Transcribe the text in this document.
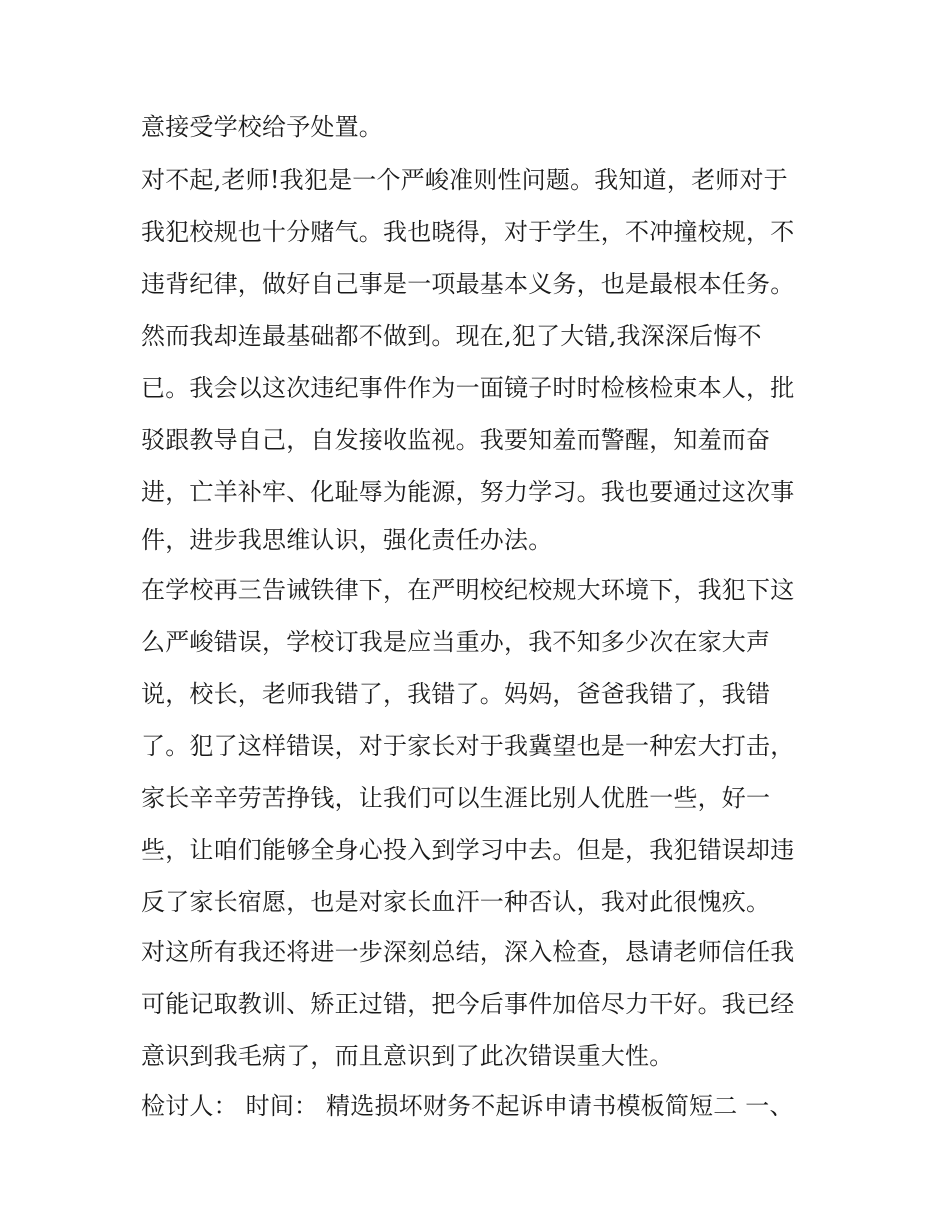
意接受学校给予处置。
对不起,老师!我犯是一个严峻准则性问题。我知道，老师对于
我犯校规也十分赌气。我也晓得，对于学生，不冲撞校规，不
违背纪律，做好自己事是一项最基本义务，也是最根本任务。
然而我却连最基础都不做到。现在,犯了大错,我深深后悔不
已。我会以这次违纪事件作为一面镜子时时检核检束本人，批
驳跟教导自己，自发接收监视。我要知羞而警醒，知羞而奋
进，亡羊补牢、化耻辱为能源，努力学习。我也要通过这次事
件，进步我思维认识，强化责任办法。
在学校再三告诫铁律下，在严明校纪校规大环境下，我犯下这
么严峻错误，学校订我是应当重办，我不知多少次在家大声
说，校长，老师我错了，我错了。妈妈，爸爸我错了，我错
了。犯了这样错误，对于家长对于我冀望也是一种宏大打击，
家长辛辛劳苦挣钱，让我们可以生涯比别人优胜一些，好一
些，让咱们能够全身心投入到学习中去。但是，我犯错误却违
反了家长宿愿，也是对家长血汗一种否认，我对此很愧疚。
对这所有我还将进一步深刻总结，深入检查，恳请老师信任我
可能记取教训、矫正过错，把今后事件加倍尽力干好。我已经
意识到我毛病了，而且意识到了此次错误重大性。
检讨人： 时间： 精选损坏财务不起诉申请书模板简短二 一、
